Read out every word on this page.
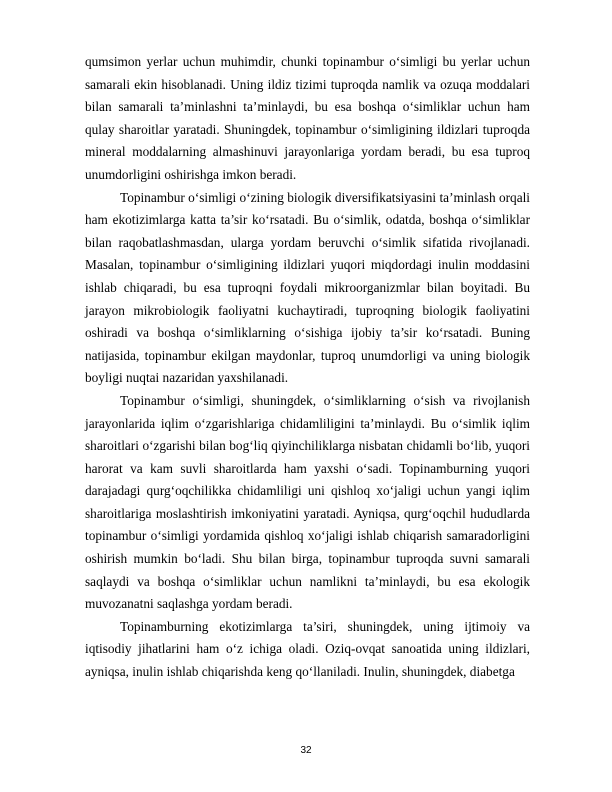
qumsimon yerlar uchun muhimdir, chunki topinambur o‘simligi bu yerlar uchun samarali ekin hisoblanadi. Uning ildiz tizimi tuproqda namlik va ozuqa moddalari bilan samarali ta’minlashni ta’minlaydi, bu esa boshqa o‘simliklar uchun ham qulay sharoitlar yaratadi. Shuningdek, topinambur o‘simligining ildizlari tuproqda mineral moddalarning almashinuvi jarayonlariga yordam beradi, bu esa tuproq unumdorligini oshirishga imkon beradi.

Topinambur o‘simligi o‘zining biologik diversifikatsiyasini ta’minlash orqali ham ekotizimlarga katta ta’sir ko‘rsatadi. Bu o‘simlik, odatda, boshqa o‘simliklar bilan raqobatlashmasdan, ularga yordam beruvchi o‘simlik sifatida rivojlanadi. Masalan, topinambur o‘simligining ildizlari yuqori miqdordagi inulin moddasini ishlab chiqaradi, bu esa tuproqni foydali mikroorganizmlar bilan boyitadi. Bu jarayon mikrobiologik faoliyatni kuchaytiradi, tuproqning biologik faoliyatini oshiradi va boshqa o‘simliklarning o‘sishiga ijobiy ta’sir ko‘rsatadi. Buning natijasida, topinambur ekilgan maydonlar, tuproq unumdorligi va uning biologik boyligi nuqtai nazaridan yaxshilanadi.

Topinambur o‘simligi, shuningdek, o‘simliklarning o‘sish va rivojlanish jarayonlarida iqlim o‘zgarishlariga chidamliligini ta’minlaydi. Bu o‘simlik iqlim sharoitlari o‘zgarishi bilan bog‘liq qiyinchiliklarga nisbatan chidamli bo‘lib, yuqori harorat va kam suvli sharoitlarda ham yaxshi o‘sadi. Topinamburning yuqori darajadagi qurg‘oqchilikka chidamliligi uni qishloq xo‘jaligi uchun yangi iqlim sharoitlariga moslashtirish imkoniyatini yaratadi. Ayniqsa, qurg‘oqchil hududlarda topinambur o‘simligi yordamida qishloq xo‘jaligi ishlab chiqarish samaradorligini oshirish mumkin bo‘ladi. Shu bilan birga, topinambur tuproqda suvni samarali saqlaydi va boshqa o‘simliklar uchun namlikni ta’minlaydi, bu esa ekologik muvozanatni saqlashga yordam beradi.

Topinamburning ekotizimlarga ta’siri, shuningdek, uning ijtimoiy va iqtisodiy jihatlarini ham o‘z ichiga oladi. Oziq-ovqat sanoatida uning ildizlari, ayniqsa, inulin ishlab chiqarishda keng qo‘llaniladi. Inulin, shuningdek, diabetga

32
